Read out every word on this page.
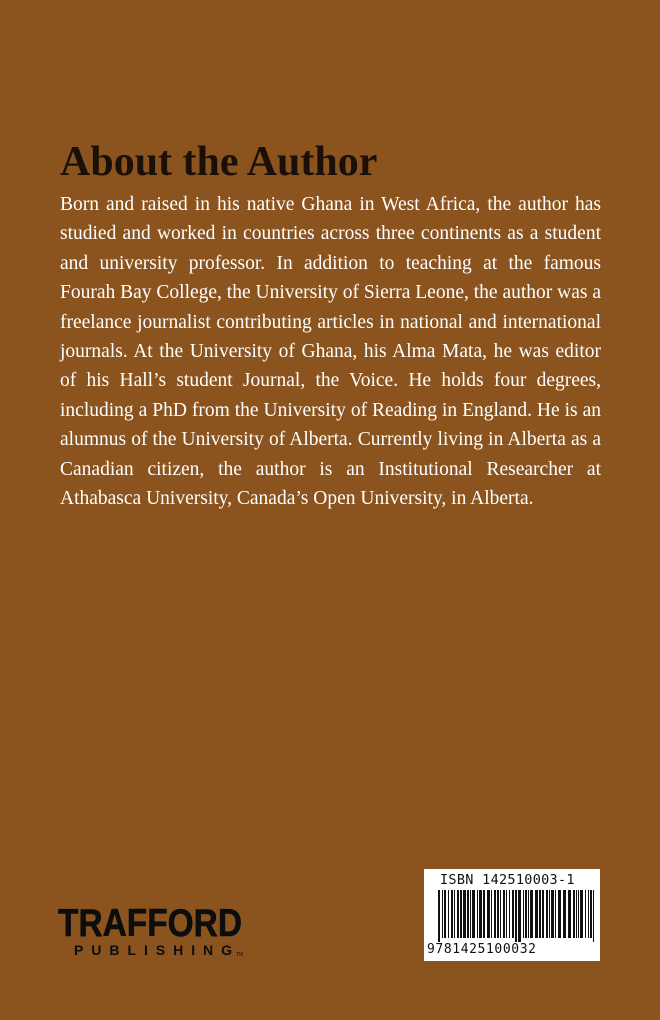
About the Author

Born and raised in his native Ghana in West Africa, the author has studied and worked in countries across three continents as a student and university professor. In addition to teaching at the famous Fourah Bay College, the University of Sierra Leone, the author was a freelance journalist contributing articles in national and international journals. At the University of Ghana, his Alma Mata, he was editor of his Hall’s student Journal, the Voice. He holds four degrees, including a PhD from the University of Reading in England. He is an alumnus of the University of Alberta. Currently living in Alberta as a Canadian citizen, the author is an Institutional Researcher at Athabasca University, Canada’s Open University, in Alberta.

TRAFFORD
PUBLISHING TM

ISBN 142510003-1

9781425100032
